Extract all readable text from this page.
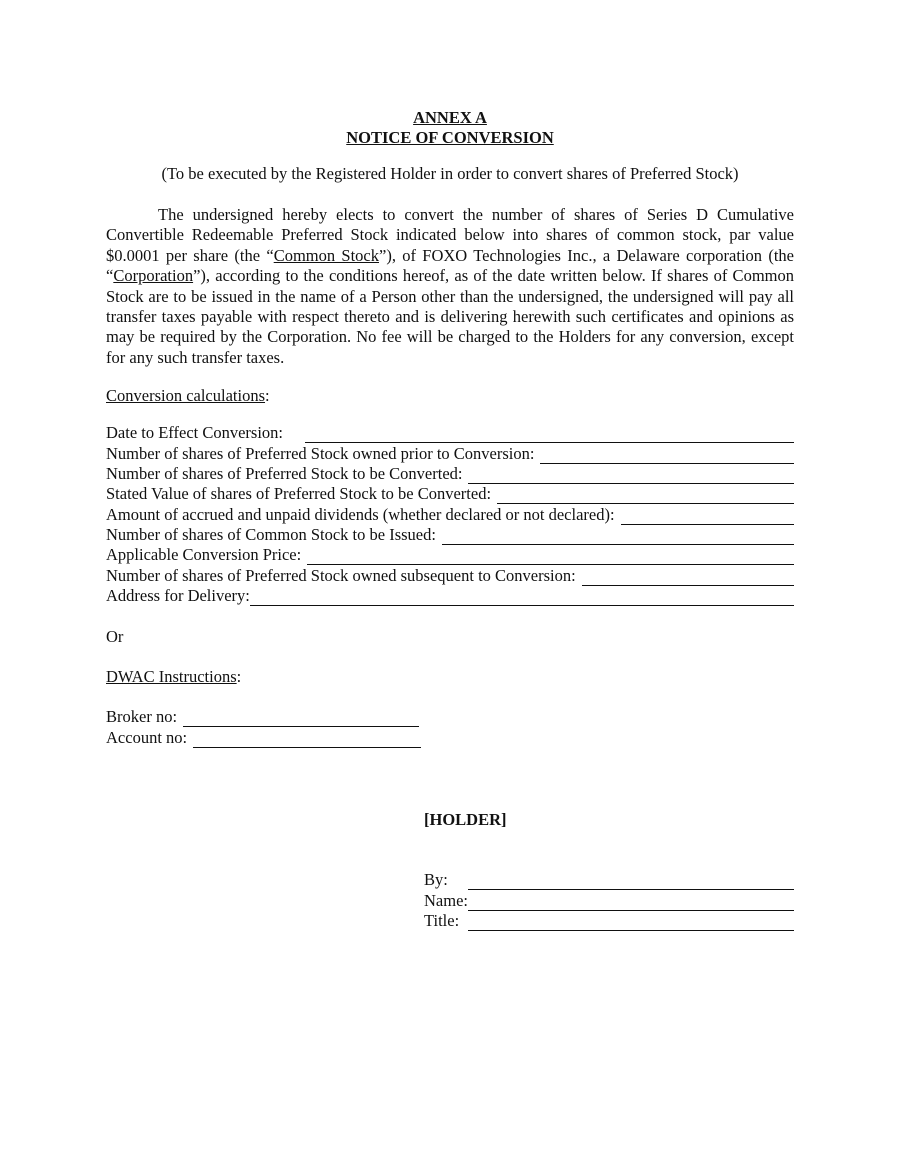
ANNEX A
NOTICE OF CONVERSION
(To be executed by the Registered Holder in order to convert shares of Preferred Stock)
The undersigned hereby elects to convert the number of shares of Series D Cumulative Convertible Redeemable Preferred Stock indicated below into shares of common stock, par value $0.0001 per share (the “Common Stock”), of FOXO Technologies Inc., a Delaware corporation (the “Corporation”), according to the conditions hereof, as of the date written below. If shares of Common Stock are to be issued in the name of a Person other than the undersigned, the undersigned will pay all transfer taxes payable with respect thereto and is delivering herewith such certificates and opinions as may be required by the Corporation. No fee will be charged to the Holders for any conversion, except for any such transfer taxes.
Conversion calculations:
Date to Effect Conversion:
Number of shares of Preferred Stock owned prior to Conversion:
Number of shares of Preferred Stock to be Converted:
Stated Value of shares of Preferred Stock to be Converted:
Amount of accrued and unpaid dividends (whether declared or not declared):
Number of shares of Common Stock to be Issued:
Applicable Conversion Price:
Number of shares of Preferred Stock owned subsequent to Conversion:
Address for Delivery:
Or
DWAC Instructions:
Broker no:
Account no:
[HOLDER]
By:
Name:
Title:
